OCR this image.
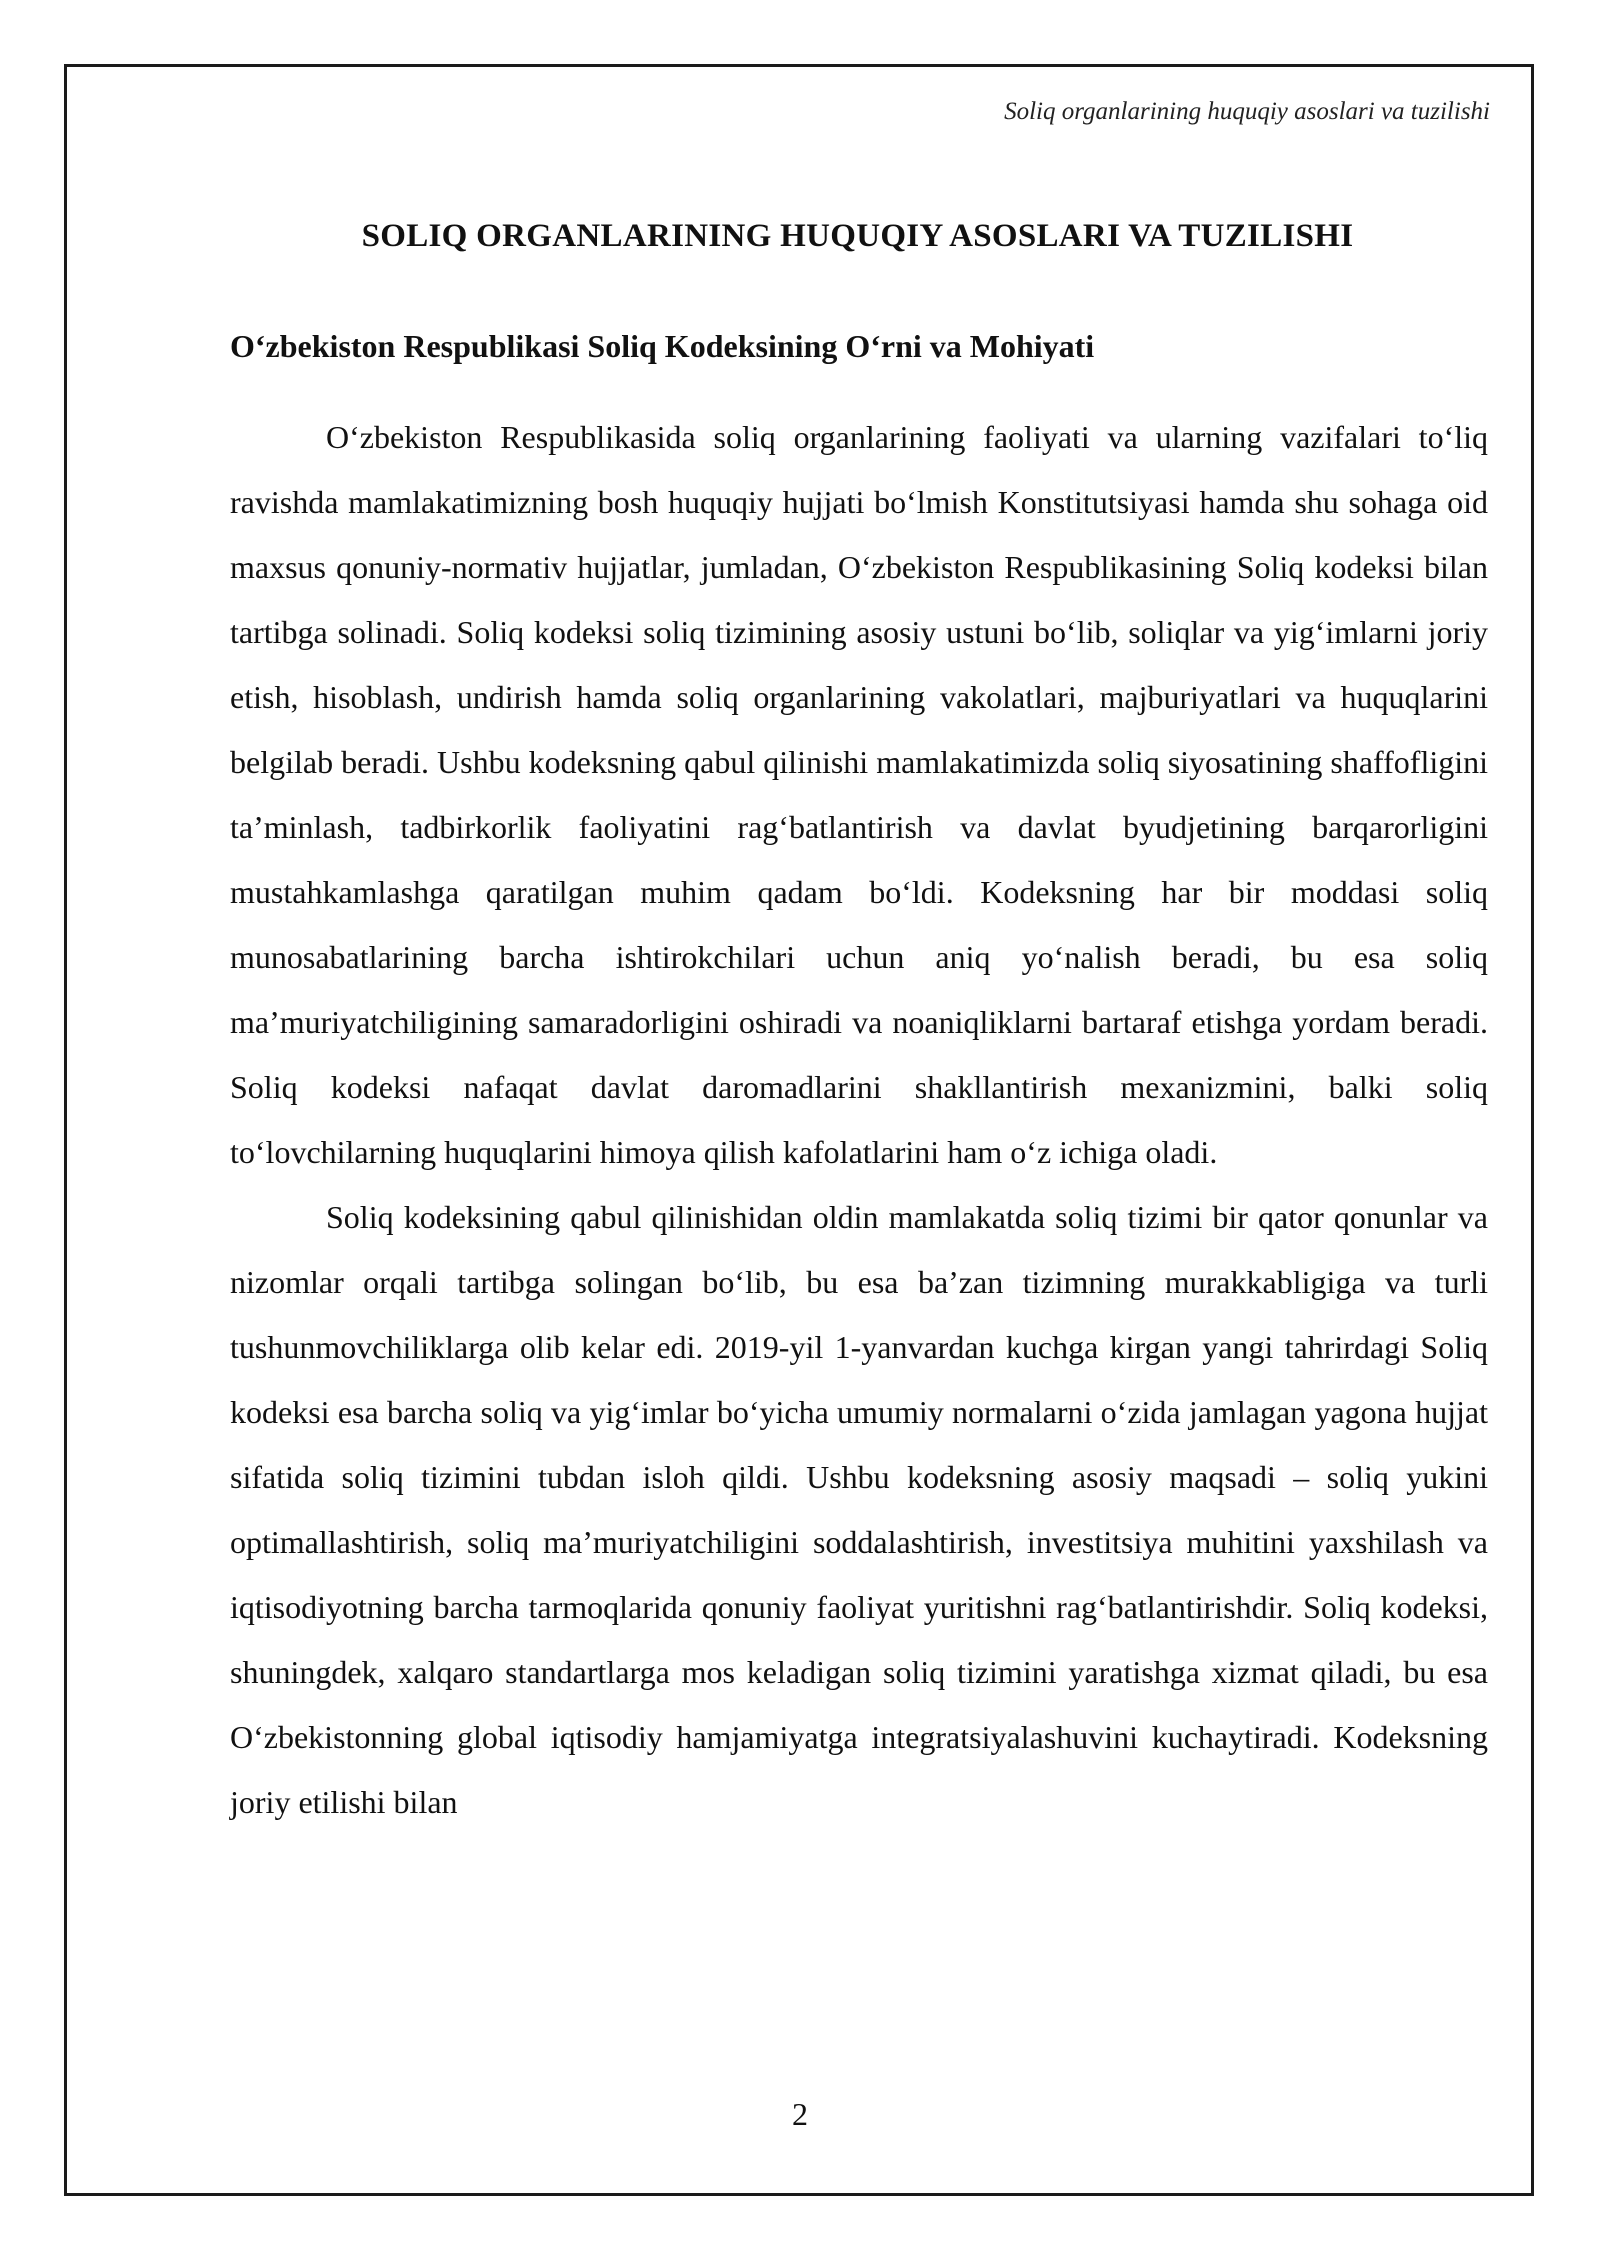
Soliq organlarining huquqiy asoslari va tuzilishi
SOLIQ ORGANLARINING HUQUQIY ASOSLARI VA TUZILISHI
O‘zbekiston Respublikasi Soliq Kodeksining O‘rni va Mohiyati

O‘zbekiston Respublikasida soliq organlarining faoliyati va ularning vazifalari to‘liq ravishda mamlakatimizning bosh huquqiy hujjati bo‘lmish Konstitutsiyasi hamda shu sohaga oid maxsus qonuniy-normativ hujjatlar, jumladan, O‘zbekiston Respublikasining Soliq kodeksi bilan tartibga solinadi. Soliq kodeksi soliq tizimining asosiy ustuni bo‘lib, soliqlar va yig‘imlarni joriy etish, hisoblash, undirish hamda soliq organlarining vakolatlari, majburiyatlari va huquqlarini belgilab beradi. Ushbu kodeksning qabul qilinishi mamlakatimizda soliq siyosatining shaffofligini ta’minlash, tadbirkorlik faoliyatini rag‘batlantirish va davlat byudjetining barqarorligini mustahkamlashga qaratilgan muhim qadam bo‘ldi. Kodeksning har bir moddasi soliq munosabatlarining barcha ishtirokchilari uchun aniq yo‘nalish beradi, bu esa soliq ma’muriyatchiligining samaradorligini oshiradi va noaniqliklarni bartaraf etishga yordam beradi. Soliq kodeksi nafaqat davlat daromadlarini shakllantirish mexanizmini, balki soliq to‘lovchilarning huquqlarini himoya qilish kafolatlarini ham o‘z ichiga oladi.

Soliq kodeksining qabul qilinishidan oldin mamlakatda soliq tizimi bir qator qonunlar va nizomlar orqali tartibga solingan bo‘lib, bu esa ba’zan tizimning murakkabligiga va turli tushunmovchiliklarga olib kelar edi. 2019-yil 1-yanvardan kuchga kirgan yangi tahrirdagi Soliq kodeksi esa barcha soliq va yig‘imlar bo‘yicha umumiy normalarni o‘zida jamlagan yagona hujjat sifatida soliq tizimini tubdan isloh qildi. Ushbu kodeksning asosiy maqsadi – soliq yukini optimallashtirish, soliq ma’muriyatchiligini soddalashtirish, investitsiya muhitini yaxshilash va iqtisodiyotning barcha tarmoqlarida qonuniy faoliyat yuritishni rag‘batlantirishdir. Soliq kodeksi, shuningdek, xalqaro standartlarga mos keladigan soliq tizimini yaratishga xizmat qiladi, bu esa O‘zbekistonning global iqtisodiy hamjamiyatga integratsiyalashuvini kuchaytiradi. Kodeksning joriy etilishi bilan

2
